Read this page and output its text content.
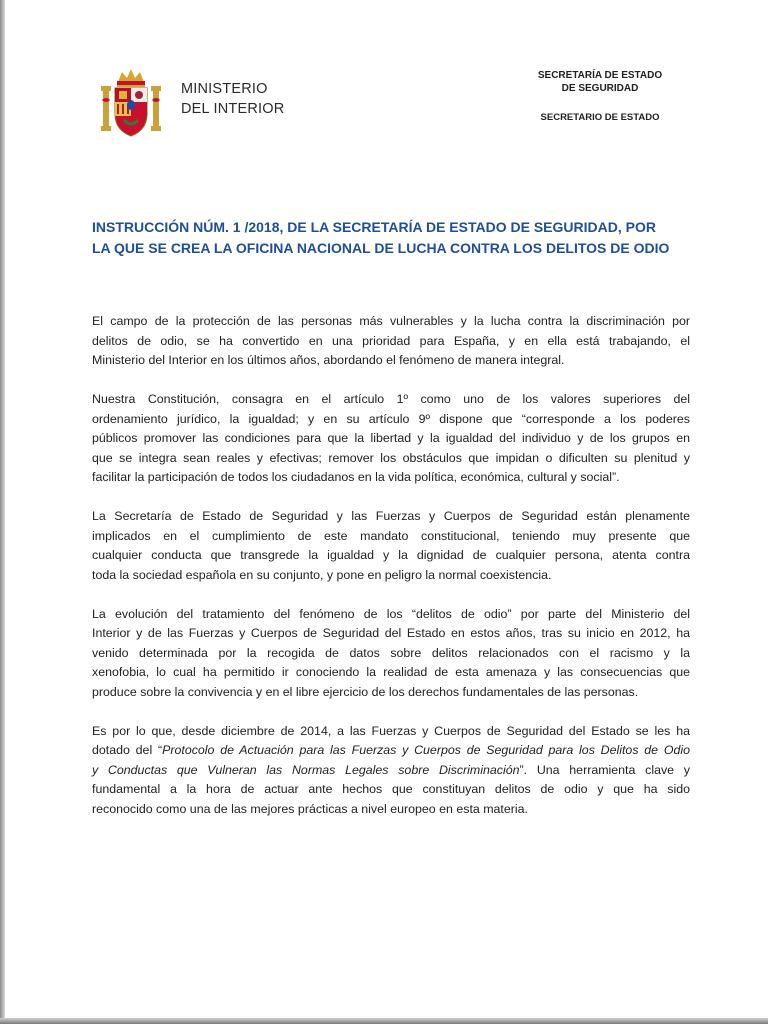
MINISTERIO
DEL INTERIOR
SECRETARÍA DE ESTADO
DE SEGURIDAD
SECRETARIO DE ESTADO
INSTRUCCIÓN NÚM. 1 /2018, DE LA SECRETARÍA DE ESTADO DE SEGURIDAD, POR
LA QUE SE CREA LA OFICINA NACIONAL DE LUCHA CONTRA LOS DELITOS DE ODIO

El campo de la protección de las personas más vulnerables y la lucha contra la discriminación por
delitos de odio, se ha convertido en una prioridad para España, y en ella está trabajando, el
Ministerio del Interior en los últimos años, abordando el fenómeno de manera integral.

Nuestra Constitución, consagra en el artículo 1º como uno de los valores superiores del
ordenamiento jurídico, la igualdad; y en su artículo 9º dispone que “corresponde a los poderes
públicos promover las condiciones para que la libertad y la igualdad del individuo y de los grupos en
que se integra sean reales y efectivas; remover los obstáculos que impidan o dificulten su plenitud y
facilitar la participación de todos los ciudadanos en la vida política, económica, cultural y social”.

La Secretaría de Estado de Seguridad y las Fuerzas y Cuerpos de Seguridad están plenamente
implicados en el cumplimiento de este mandato constitucional, teniendo muy presente que
cualquier conducta que transgrede la igualdad y la dignidad de cualquier persona, atenta contra
toda la sociedad española en su conjunto, y pone en peligro la normal coexistencia.

La evolución del tratamiento del fenómeno de los “delitos de odio” por parte del Ministerio del
Interior y de las Fuerzas y Cuerpos de Seguridad del Estado en estos años, tras su inicio en 2012, ha
venido determinada por la recogida de datos sobre delitos relacionados con el racismo y la
xenofobia, lo cual ha permitido ir conociendo la realidad de esta amenaza y las consecuencias que
produce sobre la convivencia y en el libre ejercicio de los derechos fundamentales de las personas.

Es por lo que, desde diciembre de 2014, a las Fuerzas y Cuerpos de Seguridad del Estado se les ha
dotado del “Protocolo de Actuación para las Fuerzas y Cuerpos de Seguridad para los Delitos de Odio
y Conductas que Vulneran las Normas Legales sobre Discriminación”. Una herramienta clave y
fundamental a la hora de actuar ante hechos que constituyan delitos de odio y que ha sido
reconocido como una de las mejores prácticas a nivel europeo en esta materia.
